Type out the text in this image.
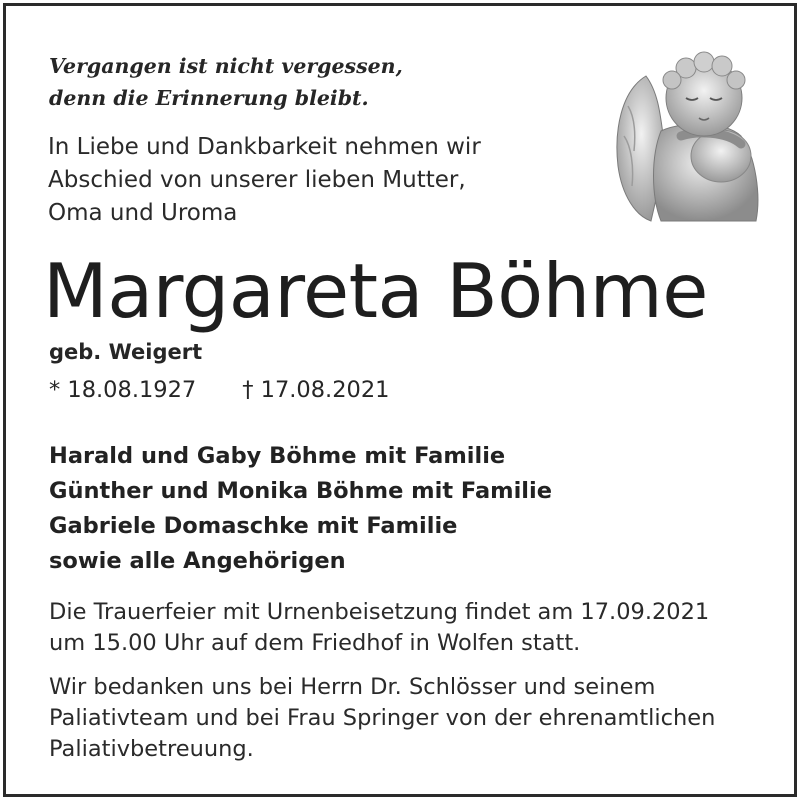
Vergangen ist nicht vergessen,
denn die Erinnerung bleibt.
In Liebe und Dankbarkeit nehmen wir
Abschied von unserer lieben Mutter,
Oma und Uroma
Margareta Böhme
geb. Weigert
* 18.08.1927 † 17.08.2021
Harald und Gaby Böhme mit Familie
Günther und Monika Böhme mit Familie
Gabriele Domaschke mit Familie
sowie alle Angehörigen
Die Trauerfeier mit Urnenbeisetzung findet am 17.09.2021
um 15.00 Uhr auf dem Friedhof in Wolfen statt.
Wir bedanken uns bei Herrn Dr. Schlösser und seinem
Paliativteam und bei Frau Springer von der ehrenamtlichen
Paliativbetreuung.
